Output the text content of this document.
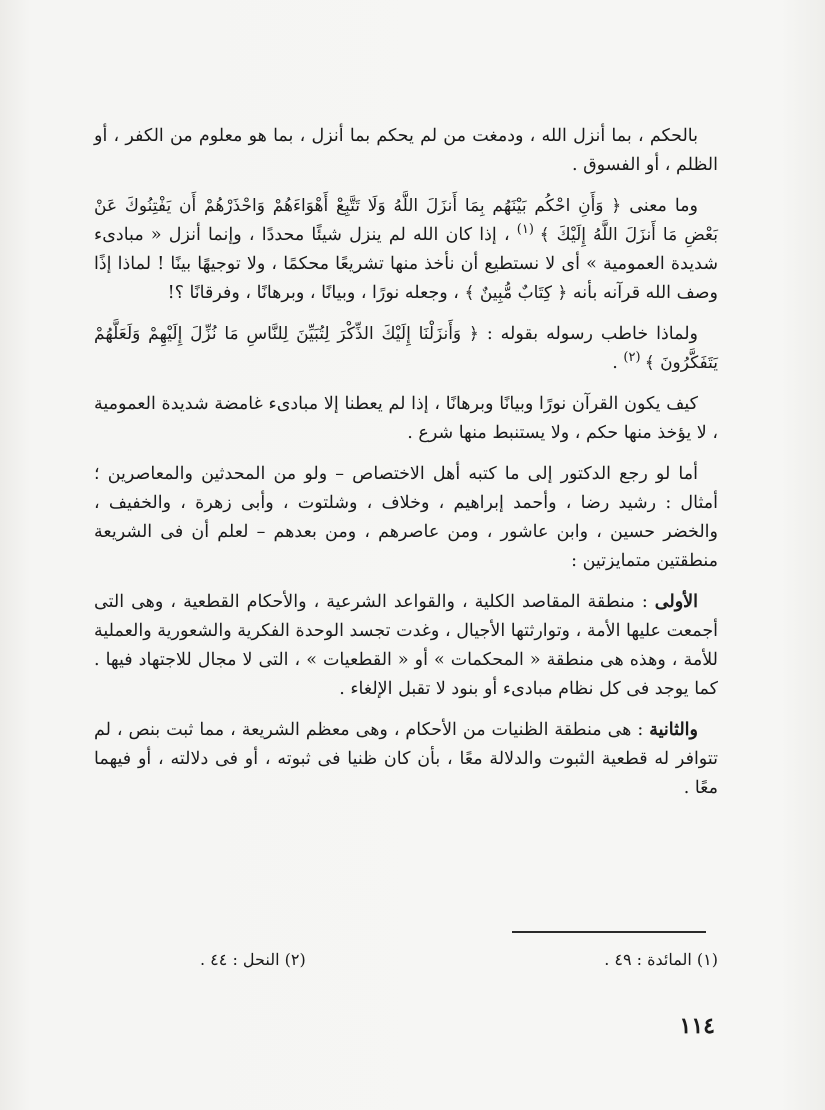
بالحكم ، بما أنزل الله ، ودمغت من لم يحكم بما أنزل ، بما هو معلوم من الكفر ، أو الظلم ، أو الفسوق .

وما معنى ﴿ وَأَنِ احْكُم بَيْنَهُم بِمَا أَنزَلَ اللَّهُ وَلَا تَتَّبِعْ أَهْوَاءَهُمْ وَاحْذَرْهُمْ أَن يَفْتِنُوكَ عَنْ بَعْضِ مَا أَنزَلَ اللَّهُ إِلَيْكَ ﴾ $^{(١)}$ ، إذا كان الله لم ينزل شيئًا محددًا ، وإنما أنزل « مبادىء شديدة العمومية » أى لا نستطيع أن نأخذ منها تشريعًا محكمًا ، ولا توجيهًا بينًا ! لماذا إذًا وصف الله قرآنه بأنه ﴿ كِتَابٌ مُّبِينٌ ﴾ ، وجعله نورًا ، وبيانًا ، وبرهانًا ، وفرقانًا ؟!

ولماذا خاطب رسوله بقوله : ﴿ وَأَنزَلْنَا إِلَيْكَ الذِّكْرَ لِتُبَيِّنَ لِلنَّاسِ مَا نُزِّلَ إِلَيْهِمْ وَلَعَلَّهُمْ يَتَفَكَّرُونَ ﴾ $^{(٢)}$ .

كيف يكون القرآن نورًا وبيانًا وبرهانًا ، إذا لم يعطنا إلا مبادىء غامضة شديدة العمومية ، لا يؤخذ منها حكم ، ولا يستنبط منها شرع .

أما لو رجع الدكتور إلى ما كتبه أهل الاختصاص – ولو من المحدثين والمعاصرين ؛ أمثال : رشيد رضا ، وأحمد إبراهيم ، وخلاف ، وشلتوت ، وأبى زهرة ، والخفيف ، والخضر حسين ، وابن عاشور ، ومن عاصرهم ، ومن بعدهم – لعلم أن فى الشريعة منطقتين متمايزتين :

الأولى : منطقة المقاصد الكلية ، والقواعد الشرعية ، والأحكام القطعية ، وهى التى أجمعت عليها الأمة ، وتوارثتها الأجيال ، وغدت تجسد الوحدة الفكرية والشعورية والعملية للأمة ، وهذه هى منطقة « المحكمات » أو « القطعيات » ، التى لا مجال للاجتهاد فيها . كما يوجد فى كل نظام مبادىء أو بنود لا تقبل الإلغاء .

والثانية : هى منطقة الظنيات من الأحكام ، وهى معظم الشريعة ، مما ثبت بنص ، لم تتوافر له قطعية الثبوت والدلالة معًا ، بأن كان ظنيا فى ثبوته ، أو فى دلالته ، أو فيهما معًا .

(١) المائدة : ٤٩ .
(٢) النحل : ٤٤ .
١١٤
